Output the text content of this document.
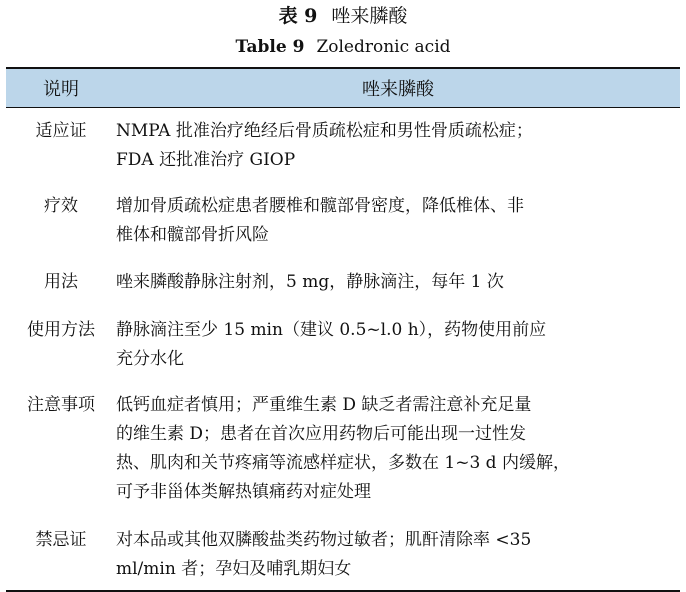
表 9 唑来膦酸
Table 9 Zoledronic acid
说明	唑来膦酸
适应证	NMPA 批准治疗绝经后骨质疏松症和男性骨质疏松症；
FDA 还批准治疗 GIOP
疗效	增加骨质疏松症患者腰椎和髋部骨密度，降低椎体、非
椎体和髋部骨折风险
用法	唑来膦酸静脉注射剂，5 mg，静脉滴注，每年 1 次
使用方法	静脉滴注至少 15 min（建议 0.5~l.0 h），药物使用前应
充分水化
注意事项	低钙血症者慎用；严重维生素 D 缺乏者需注意补充足量
的维生素 D；患者在首次应用药物后可能出现一过性发
热、肌肉和关节疼痛等流感样症状，多数在 1~3 d 内缓解，
可予非甾体类解热镇痛药对症处理
禁忌证	对本品或其他双膦酸盐类药物过敏者；肌酐清除率 <35
ml/min 者；孕妇及哺乳期妇女
